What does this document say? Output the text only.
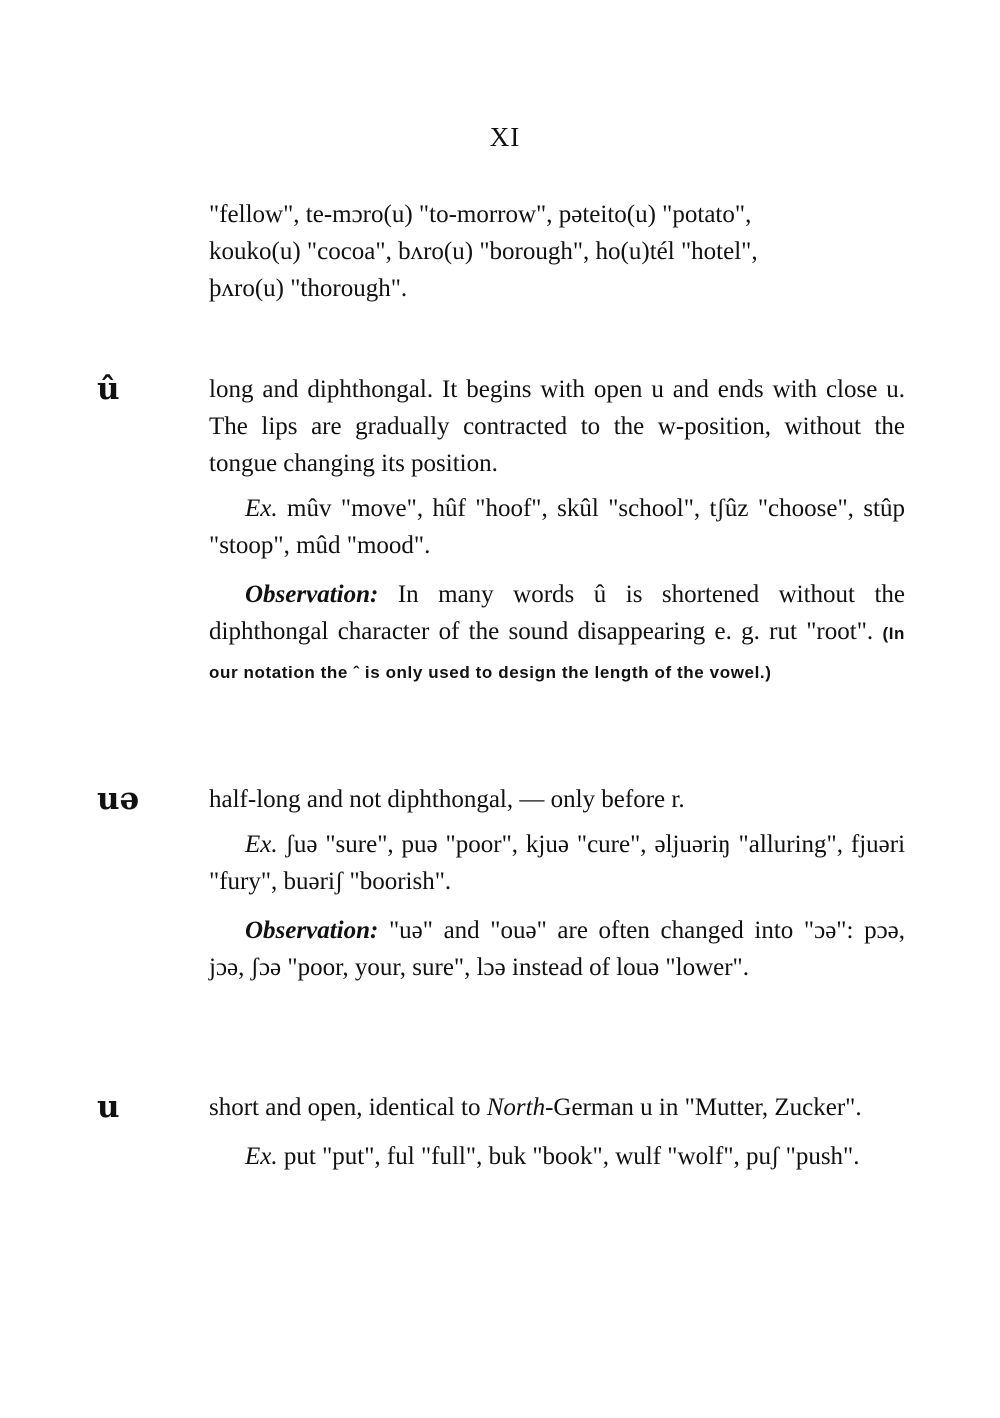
XI
"fellow", te-mɔro(u) "to-morrow", pəteito(u) "potato",
kouko(u) "cocoa", bʌro(u) "borough", ho(u)tél "hotel",
þʌro(u) "thorough".
û	long and diphthongal. It begins with open u and ends with close u. The lips are gradually contracted to the w-position, without the tongue changing its position.

Ex. mûv "move", hûf "hoof", skûl "school", tʃûz "choose", stûp "stoop", mûd "mood".

Observation: In many words û is shortened without the diphthongal character of the sound disappearing e. g. rut "root". (In our notation the ˆ is only used to design the length of the vowel.)

uə	half-long and not diphthongal, — only before r.

Ex. ʃuə "sure", puə "poor", kjuə "cure", əljuəriŋ "alluring", fjuəri "fury", buəriʃ "boorish".

Observation: "uə" and "ouə" are often changed into "ɔə": pɔə, jɔə, ʃɔə "poor, your, sure", lɔə instead of louə "lower".

u	short and open, identical to North-German u in "Mutter, Zucker".

Ex. put "put", ful "full", buk "book", wulf "wolf", puʃ "push".
